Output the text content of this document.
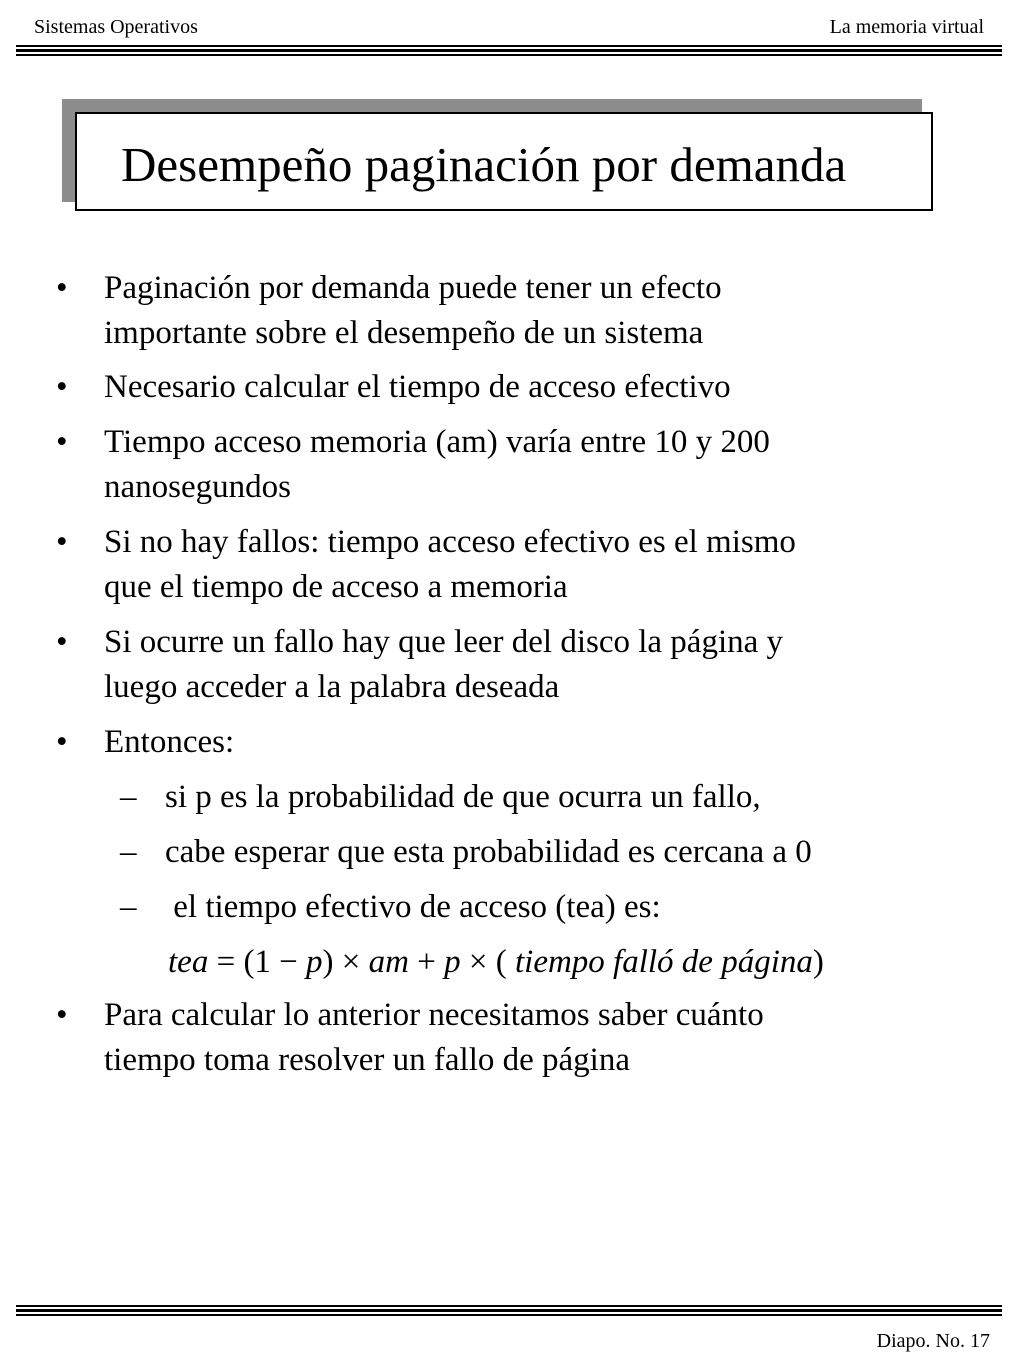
Sistemas Operativos	La memoria virtual
Desempeño paginación por demanda
• Paginación por demanda puede tener un efecto
importante sobre el desempeño de un sistema
• Necesario calcular el tiempo de acceso efectivo
• Tiempo acceso memoria (am) varía entre 10 y 200
nanosegundos
• Si no hay fallos: tiempo acceso efectivo es el mismo
que el tiempo de acceso a memoria
• Si ocurre un fallo hay que leer del disco la página y
luego acceder a la palabra deseada
• Entonces:
– si p es la probabilidad de que ocurra un fallo,
– cabe esperar que esta probabilidad es cercana a 0
– el tiempo efectivo de acceso (tea) es:
tea = (1 − p) × am + p × ( tiempo falló de página)
• Para calcular lo anterior necesitamos saber cuánto
tiempo toma resolver un fallo de página
Diapo. No. 17
